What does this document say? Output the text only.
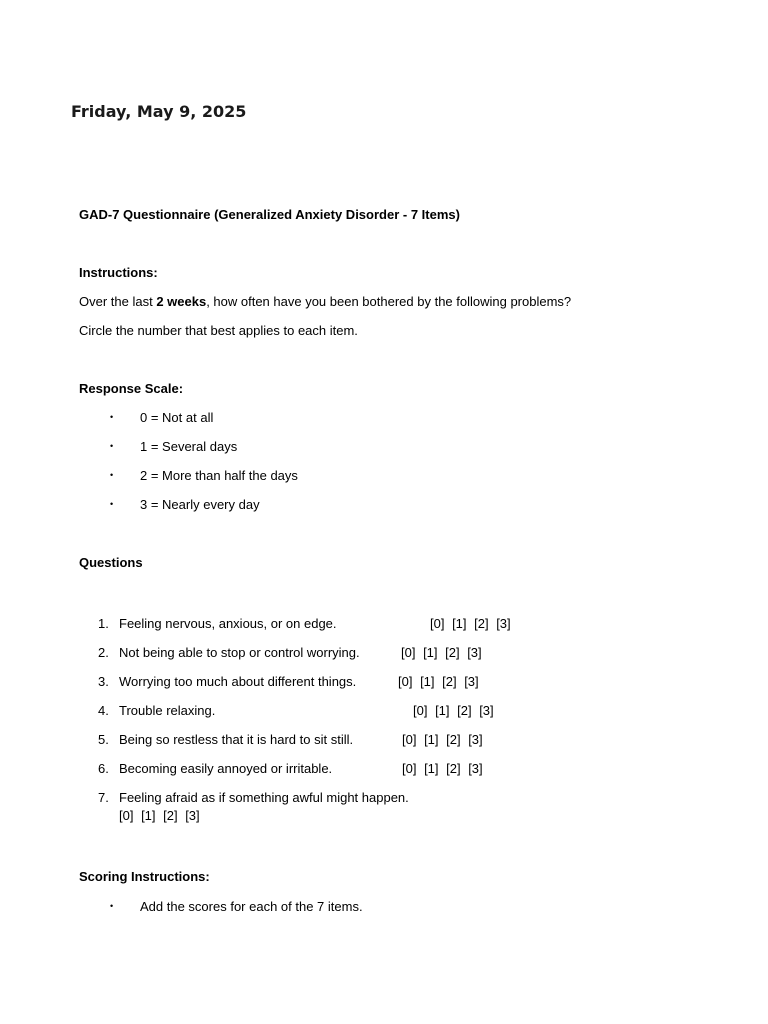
Friday, May 9, 2025
GAD-7 Questionnaire (Generalized Anxiety Disorder - 7 Items)
Instructions:
Over the last 2 weeks, how often have you been bothered by the following problems?
Circle the number that best applies to each item.
Response Scale:
• 0 = Not at all
• 1 = Several days
• 2 = More than half the days
• 3 = Nearly every day
Questions
1. Feeling nervous, anxious, or on edge.	[0] [1] [2] [3]
2. Not being able to stop or control worrying.	[0] [1] [2] [3]
3. Worrying too much about different things.	[0] [1] [2] [3]
4. Trouble relaxing.	[0] [1] [2] [3]
5. Being so restless that it is hard to sit still.	[0] [1] [2] [3]
6. Becoming easily annoyed or irritable.	[0] [1] [2] [3]
7. Feeling afraid as if something awful might happen.
[0] [1] [2] [3]
Scoring Instructions:
• Add the scores for each of the 7 items.
